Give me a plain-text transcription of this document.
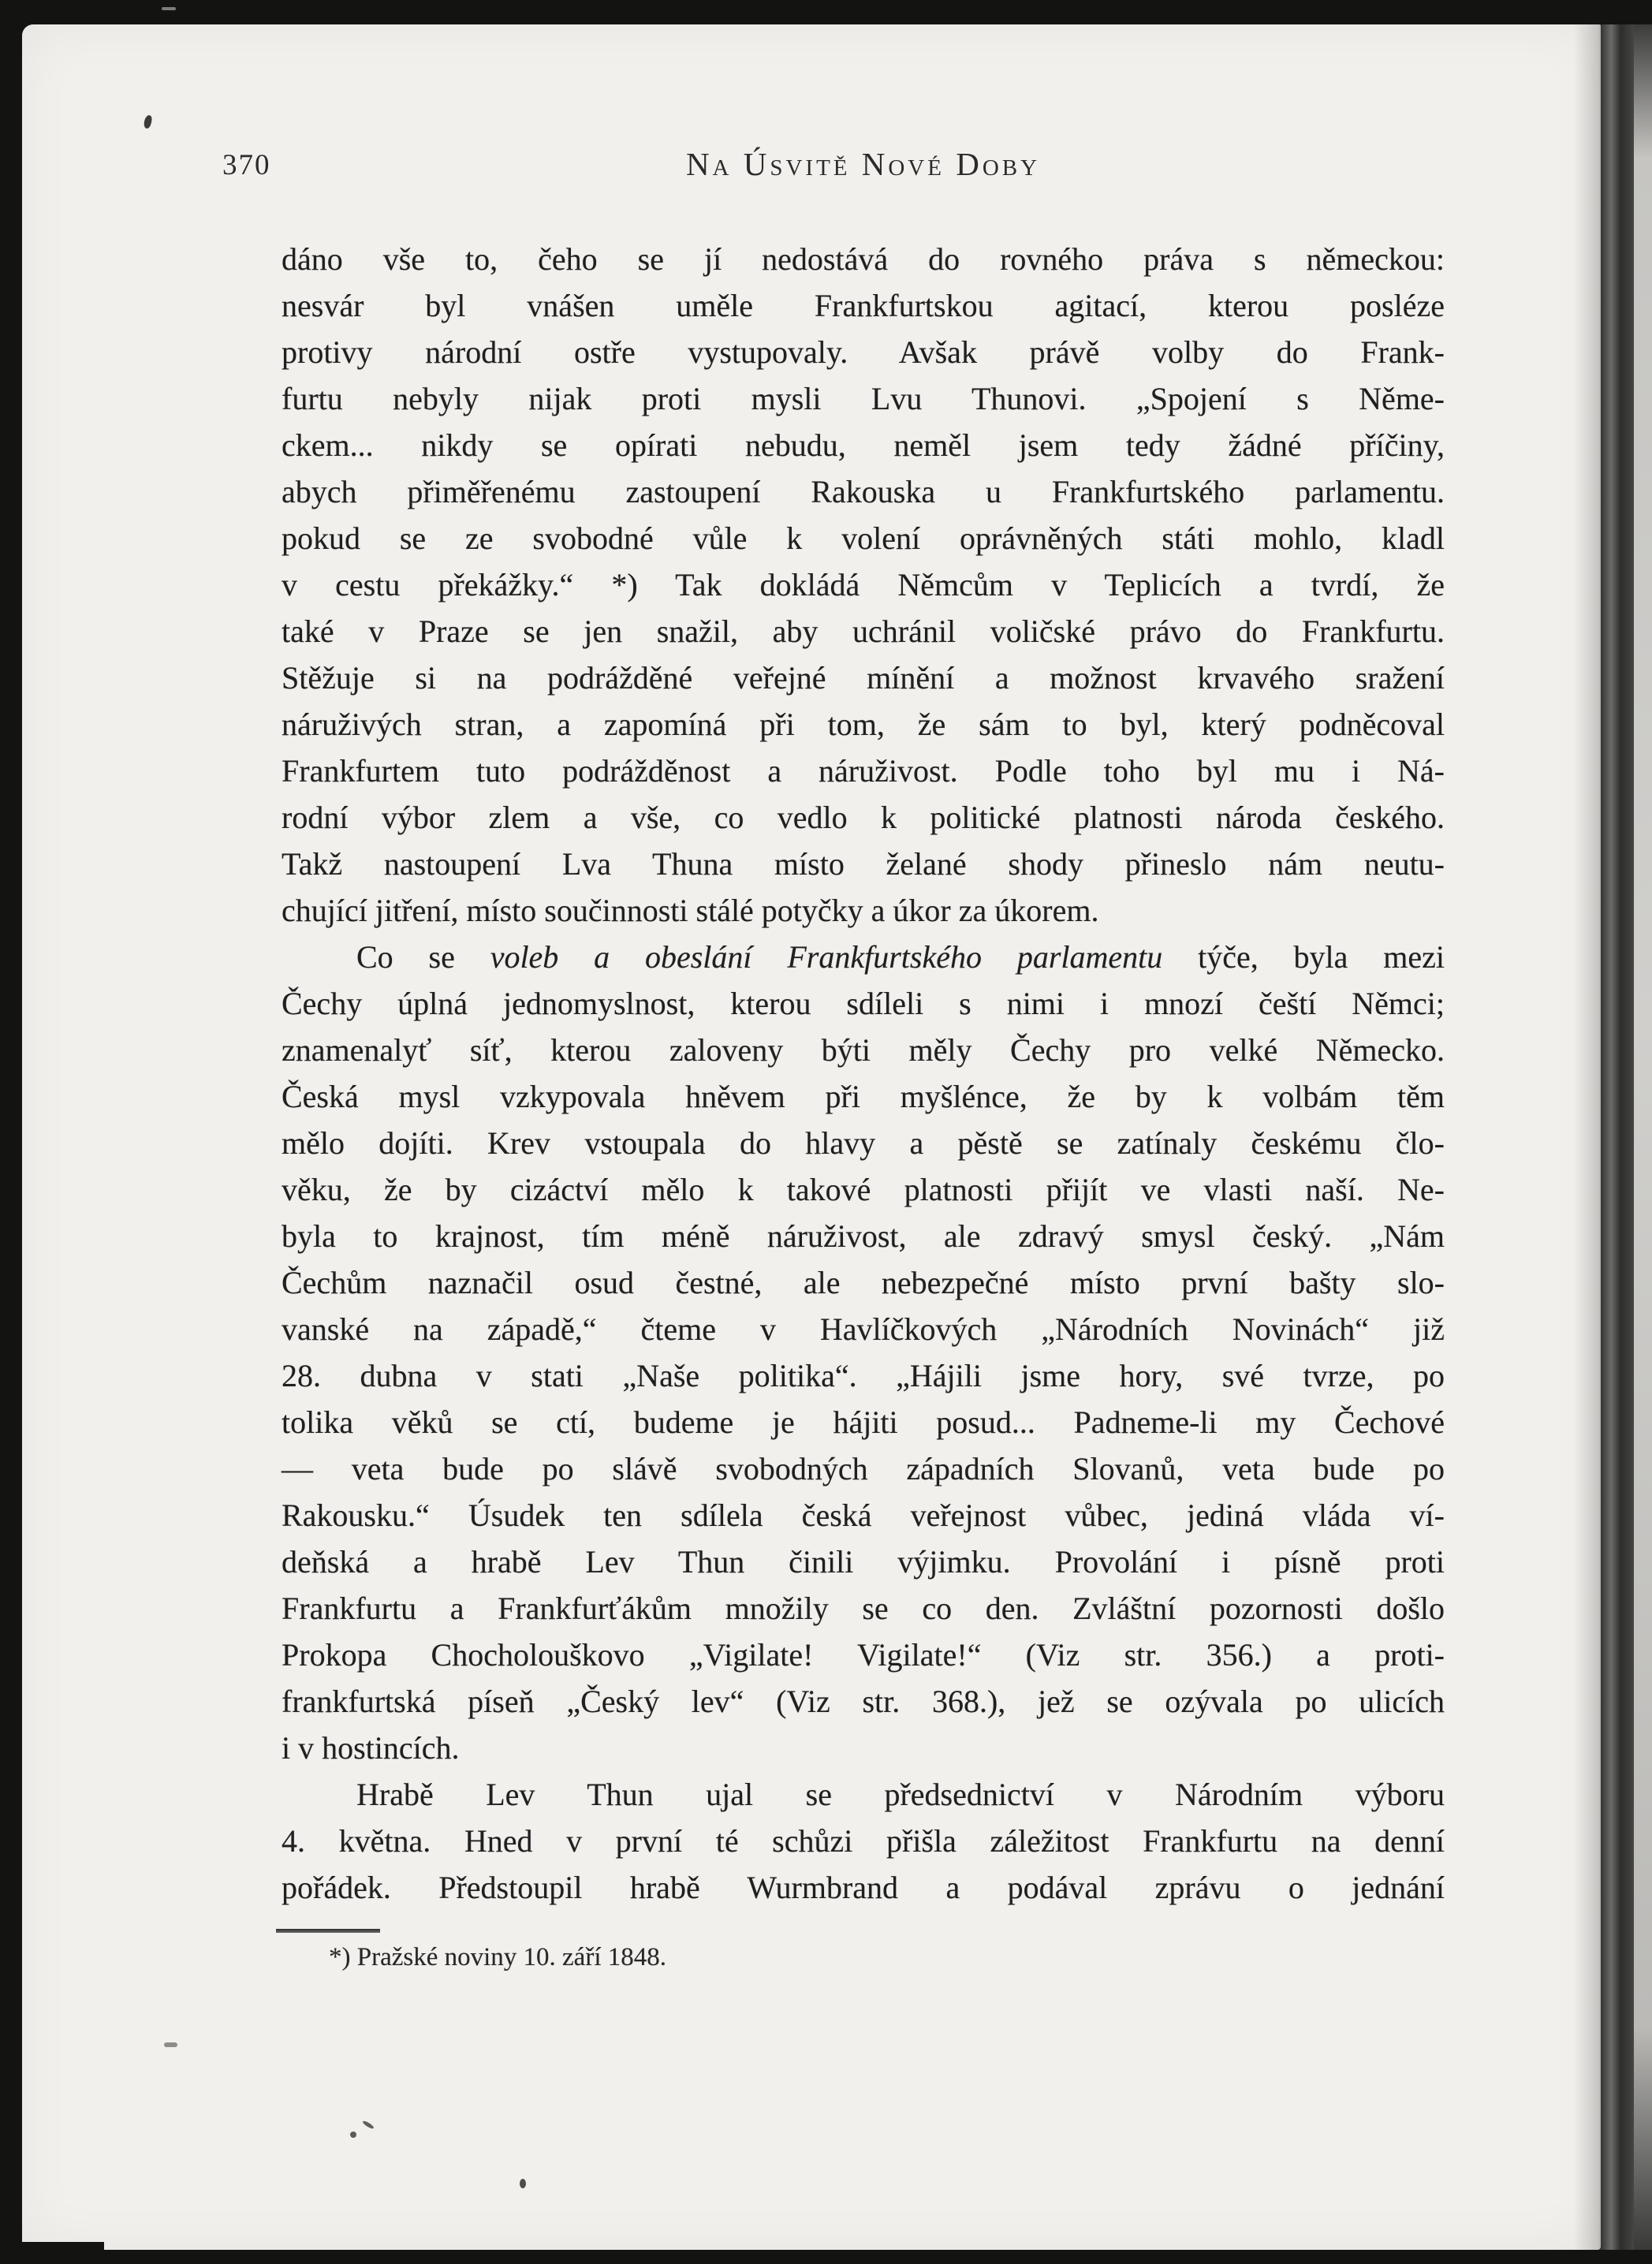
370	Na Úsvitě Nové Doby
dáno vše to, čeho se jí nedostává do rovného práva s německou:
nesvár byl vnášen uměle Frankfurtskou agitací, kterou posléze
protivy národní ostře vystupovaly. Avšak právě volby do Frank-
furtu nebyly nijak proti mysli Lvu Thunovi. „Spojení s Něme-
ckem... nikdy se opírati nebudu, neměl jsem tedy žádné příčiny,
abych přiměřenému zastoupení Rakouska u Frankfurtského parlamentu.
pokud se ze svobodné vůle k volení oprávněných státi mohlo, kladl
v cestu překážky.“ *) Tak dokládá Němcům v Teplicích a tvrdí, že
také v Praze se jen snažil, aby uchránil voličské právo do Frankfurtu.
Stěžuje si na podrážděné veřejné mínění a možnost krvavého sražení
náruživých stran, a zapomíná při tom, že sám to byl, který podněcoval
Frankfurtem tuto podrážděnost a náruživost. Podle toho byl mu i Ná-
rodní výbor zlem a vše, co vedlo k politické platnosti národa českého.
Takž nastoupení Lva Thuna místo želané shody přineslo nám neutu-
chující jitření, místo součinnosti stálé potyčky a úkor za úkorem.
Co se voleb a obeslání Frankfurtského parlamentu týče, byla mezi
Čechy úplná jednomyslnost, kterou sdíleli s nimi i mnozí čeští Němci;
znamenalyť síť, kterou zaloveny býti měly Čechy pro velké Německo.
Česká mysl vzkypovala hněvem při myšlénce, že by k volbám těm
mělo dojíti. Krev vstoupala do hlavy a pěstě se zatínaly českému člo-
věku, že by cizáctví mělo k takové platnosti přijít ve vlasti naší. Ne-
byla to krajnost, tím méně náruživost, ale zdravý smysl český. „Nám
Čechům naznačil osud čestné, ale nebezpečné místo první bašty slo-
vanské na západě,“ čteme v Havlíčkových „Národních Novinách“ již
28. dubna v stati „Naše politika“. „Hájili jsme hory, své tvrze, po
tolika věků se ctí, budeme je hájiti posud... Padneme-li my Čechové
— veta bude po slávě svobodných západních Slovanů, veta bude po
Rakousku.“ Úsudek ten sdílela česká veřejnost vůbec, jediná vláda ví-
deňská a hrabě Lev Thun činili výjimku. Provolání i písně proti
Frankfurtu a Frankfurťákům množily se co den. Zvláštní pozornosti došlo
Prokopa Chocholouškovo „Vigilate! Vigilate!“ (Viz str. 356.) a proti-
frankfurtská píseň „Český lev“ (Viz str. 368.), jež se ozývala po ulicích
i v hostincích.
Hrabě Lev Thun ujal se předsednictví v Národním výboru
4. května. Hned v první té schůzi přišla záležitost Frankfurtu na denní
pořádek. Předstoupil hrabě Wurmbrand a podával zprávu o jednání
*) Pražské noviny 10. září 1848.
